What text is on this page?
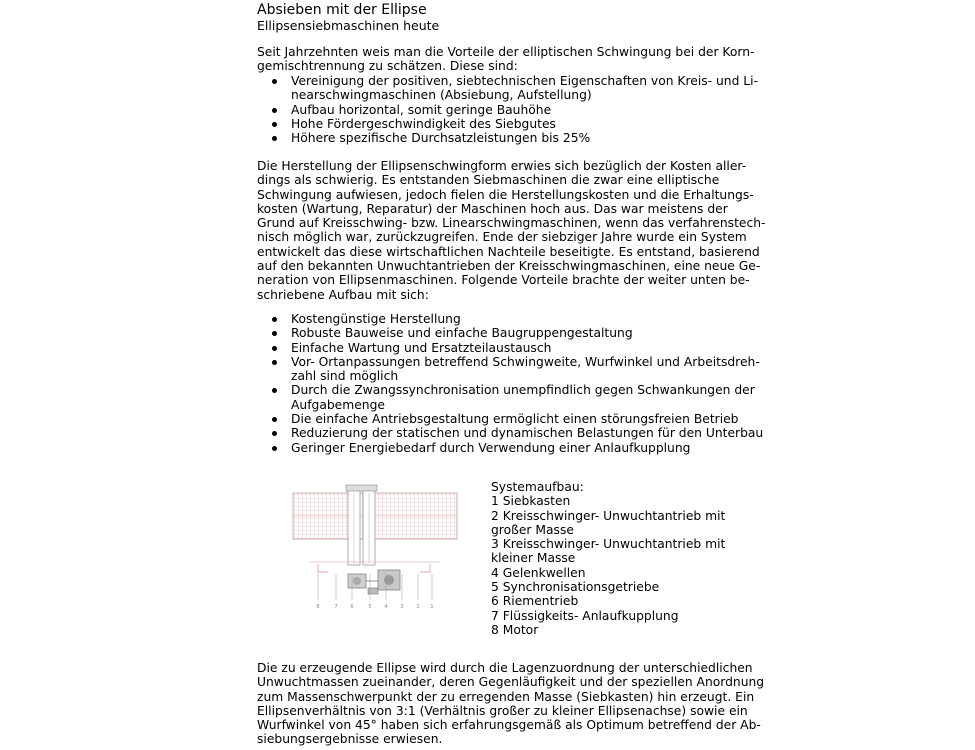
Absieben mit der Ellipse
Ellipsensiebmaschinen heute
Seit Jahrzehnten weis man die Vorteile der elliptischen Schwingung bei der Korn-
gemischtrennung zu schätzen. Diese sind:
Vereinigung der positiven, siebtechnischen Eigenschaften von Kreis- und Li-
nearschwingmaschinen (Absiebung, Aufstellung)
Aufbau horizontal, somit geringe Bauhöhe
Hohe Fördergeschwindigkeit des Siebgutes
Höhere spezifische Durchsatzleistungen bis 25%
Die Herstellung der Ellipsenschwingform erwies sich bezüglich der Kosten aller-
dings als schwierig. Es entstanden Siebmaschinen die zwar eine elliptische
Schwingung aufwiesen, jedoch fielen die Herstellungskosten und die Erhaltungs-
kosten (Wartung, Reparatur) der Maschinen hoch aus. Das war meistens der
Grund auf Kreisschwing- bzw. Linearschwingmaschinen, wenn das verfahrenstech-
nisch möglich war, zurückzugreifen. Ende der siebziger Jahre wurde ein System
entwickelt das diese wirtschaftlichen Nachteile beseitigte. Es entstand, basierend
auf den bekannten Unwuchtantrieben der Kreisschwingmaschinen, eine neue Ge-
neration von Ellipsenmaschinen. Folgende Vorteile brachte der weiter unten be-
schriebene Aufbau mit sich:
Kostengünstige Herstellung
Robuste Bauweise und einfache Baugruppengestaltung
Einfache Wartung und Ersatzteilaustausch
Vor- Ortanpassungen betreffend Schwingweite, Wurfwinkel und Arbeitsdreh-
zahl sind möglich
Durch die Zwangssynchronisation unempfindlich gegen Schwankungen der
Aufgabemenge
Die einfache Antriebsgestaltung ermöglicht einen störungsfreien Betrieb
Reduzierung der statischen und dynamischen Belastungen für den Unterbau
Geringer Energiebedarf durch Verwendung einer Anlaufkupplung
Systemaufbau:
1 Siebkasten
2 Kreisschwinger- Unwuchtantrieb mit
großer Masse
3 Kreisschwinger- Unwuchtantrieb mit
kleiner Masse
4 Gelenkwellen
5 Synchronisationsgetriebe
6 Riementrieb
7 Flüssigkeits- Anlaufkupplung
8 Motor
Die zu erzeugende Ellipse wird durch die Lagenzuordnung der unterschiedlichen
Unwuchtmassen zueinander, deren Gegenläufigkeit und der speziellen Anordnung
zum Massenschwerpunkt der zu erregenden Masse (Siebkasten) hin erzeugt. Ein
Ellipsenverhältnis von 3:1 (Verhältnis großer zu kleiner Ellipsenachse) sowie ein
Wurfwinkel von 45° haben sich erfahrungsgemäß als Optimum betreffend der Ab-
siebungsergebnisse erwiesen.
8	7	6	5	4	3	2 1
